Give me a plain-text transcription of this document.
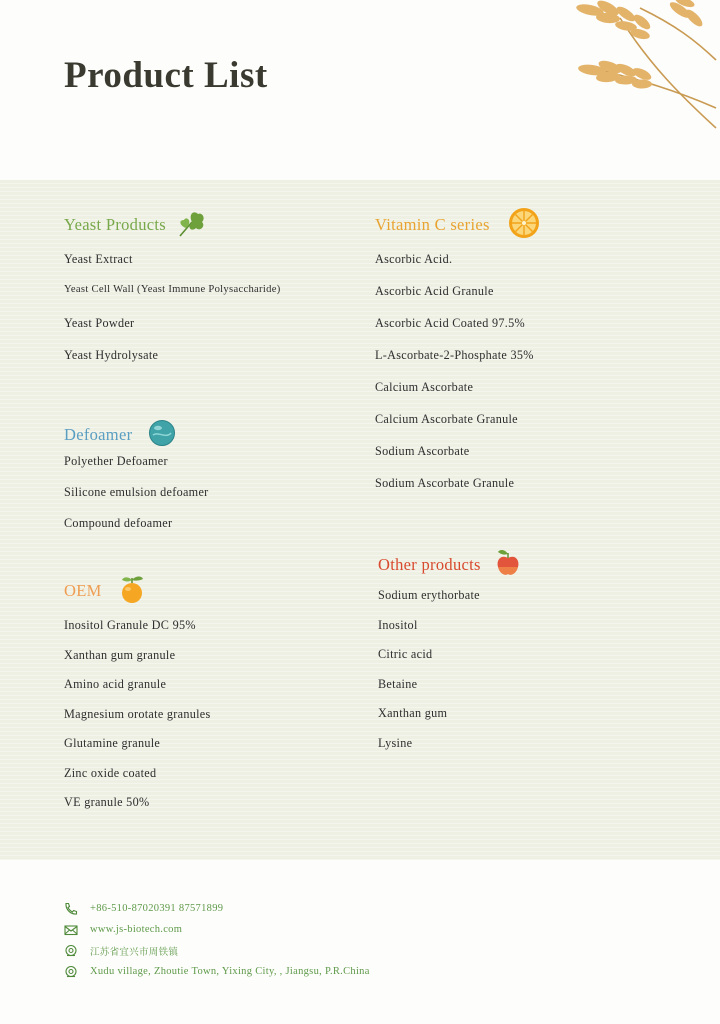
Product List
Yeast Products
Yeast Extract
Yeast Cell Wall (Yeast Immune Polysaccharide)
Yeast Powder
Yeast Hydrolysate
Vitamin C series
Ascorbic Acid.
Ascorbic Acid Granule
Ascorbic Acid Coated 97.5%
L-Ascorbate-2-Phosphate 35%
Calcium Ascorbate
Calcium Ascorbate Granule
Sodium Ascorbate
Sodium Ascorbate Granule
Defoamer
Polyether Defoamer
Silicone emulsion defoamer
Compound defoamer
OEM
Inositol Granule DC 95%
Xanthan gum granule
Amino acid granule
Magnesium orotate granules
Glutamine granule
Zinc oxide coated
VE granule 50%
Other products
Sodium erythorbate
Inositol
Citric acid
Betaine
Xanthan gum
Lysine
+86-510-87020391 87571899
www.js-biotech.com
江苏省宜兴市周铁镇
Xudu village, Zhoutie Town, Yixing City, , Jiangsu, P.R.China
